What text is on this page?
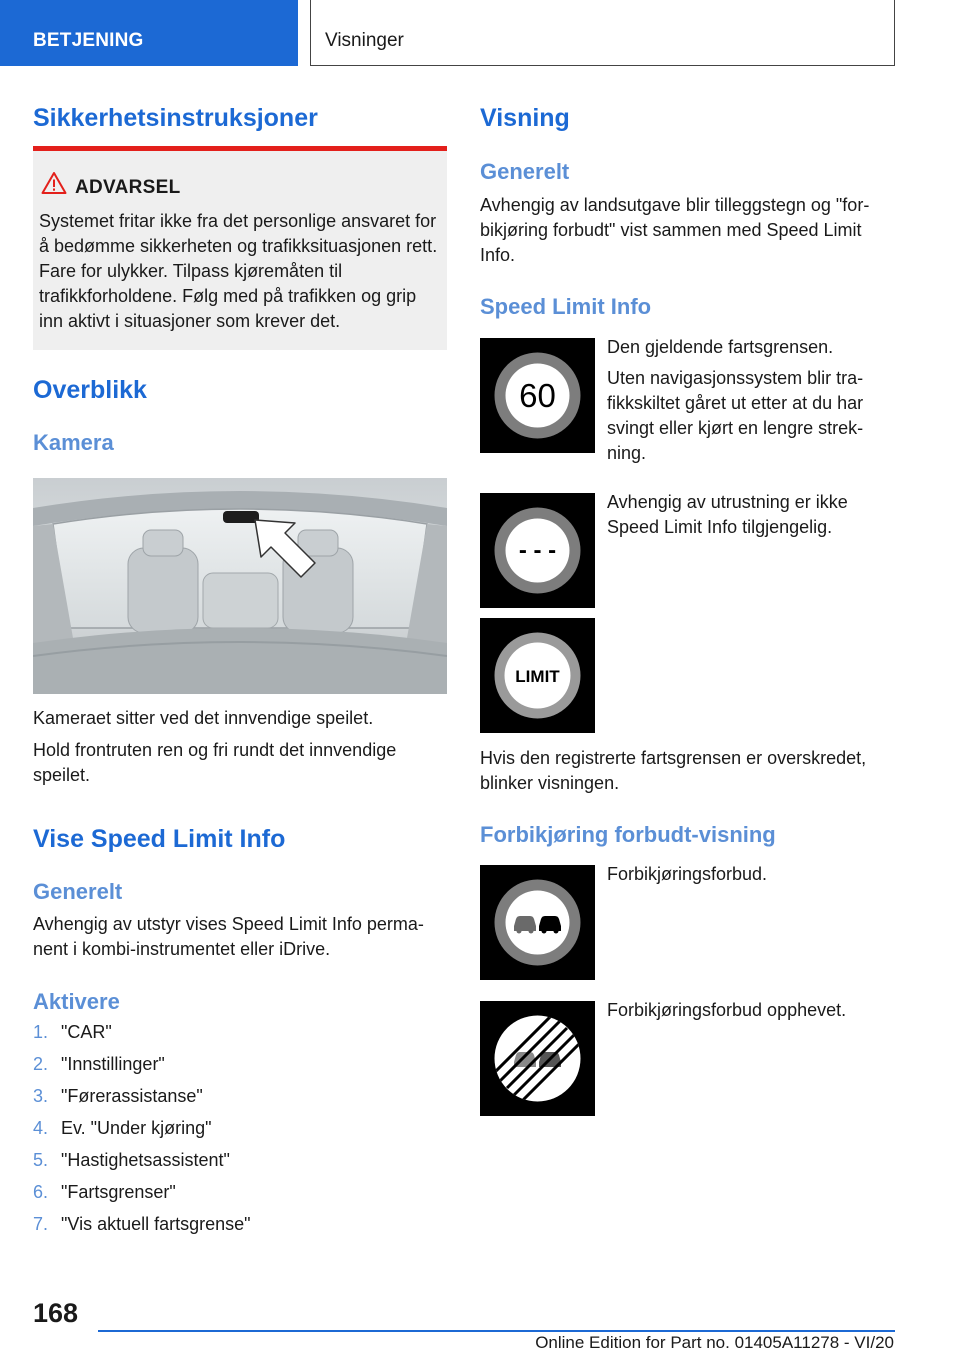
BETJENING	Visninger
Sikkerhetsinstruksjoner
ADVARSEL
Systemet fritar ikke fra det personlige ansvaret for å bedømme sikkerheten og trafikksituasjonen rett. Fare for ulykker. Tilpass kjøremåten til trafikkforholdene. Følg med på trafikken og grip inn aktivt i situasjoner som krever det.
Overblikk
Kamera
Kameraet sitter ved det innvendige speilet.
Hold frontruten ren og fri rundt det innvendige speilet.
Vise Speed Limit Info
Generelt
Avhengig av utstyr vises Speed Limit Info permanent i kombi-instrumentet eller iDrive.
Aktivere
1. "CAR"
2. "Innstillinger"
3. "Førerassistanse"
4. Ev. "Under kjøring"
5. "Hastighetsassistent"
6. "Fartsgrenser"
7. "Vis aktuell fartsgrense"
Visning
Generelt
Avhengig av landsutgave blir tilleggstegn og "forbikjøring forbudt" vist sammen med Speed Limit Info.
Speed Limit Info
60
Den gjeldende fartsgrensen.
Uten navigasjonssystem blir trafikkskiltet gåret ut etter at du har svingt eller kjørt en lengre strekning.
- - -
Avhengig av utrustning er ikke Speed Limit Info tilgjengelig.
LIMIT
Hvis den registrerte fartsgrensen er overskredet, blinker visningen.
Forbikjøring forbudt-visning
Forbikjøringsforbud.
Forbikjøringsforbud opphevet.
168
Online Edition for Part no. 01405A11278 - VI/20
